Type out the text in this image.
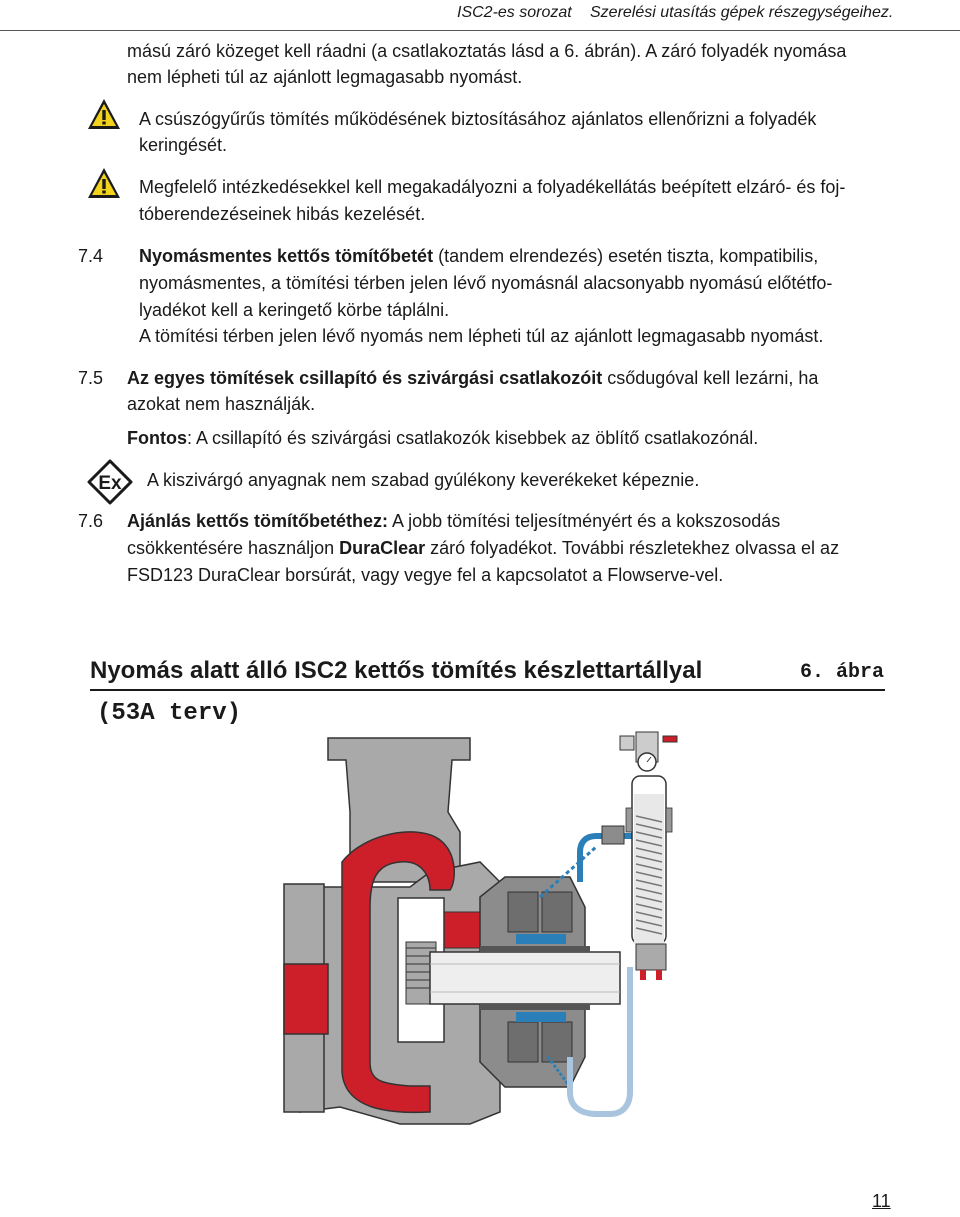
ISC2-es sorozat Szerelési utasítás gépek részegységeihez.
mású záró közeget kell ráadni (a csatlakoztatás lásd a 6. ábrán). A záró folyadék nyomása
nem lépheti túl az ajánlott legmagasabb nyomást.
A csúszógyűrűs tömítés működésének biztosításához ajánlatos ellenőrizni a folyadék
keringését.
Megfelelő intézkedésekkel kell megakadályozni a folyadékellátás beépített elzáró- és foj-
tóberendezéseinek hibás kezelését.
7.4 Nyomásmentes kettős tömítőbetét (tandem elrendezés) esetén tiszta, kompatibilis,
nyomásmentes, a tömítési térben jelen lévő nyomásnál alacsonyabb nyomású előtétfo-
lyadékot kell a keringető körbe táplálni.
A tömítési térben jelen lévő nyomás nem lépheti túl az ajánlott legmagasabb nyomást.
7.5 Az egyes tömítések csillapító és szivárgási csatlakozóit csődugóval kell lezárni, ha
azokat nem használják.
Fontos: A csillapító és szivárgási csatlakozók kisebbek az öblítő csatlakozónál.
Ex A kiszivárgó anyagnak nem szabad gyúlékony keverékeket képeznie.
7.6 Ajánlás kettős tömítőbetéthez: A jobb tömítési teljesítményért és a kokszosodás
csökkentésére használjon DuraClear záró folyadékot. További részletekhez olvassa el az
FSD123 DuraClear borsúrát, vagy vegye fel a kapcsolatot a Flowserve-vel.
Nyomás alatt álló ISC2 kettős tömítés készlettartállyal	6. ábra
(53A terv)
11
